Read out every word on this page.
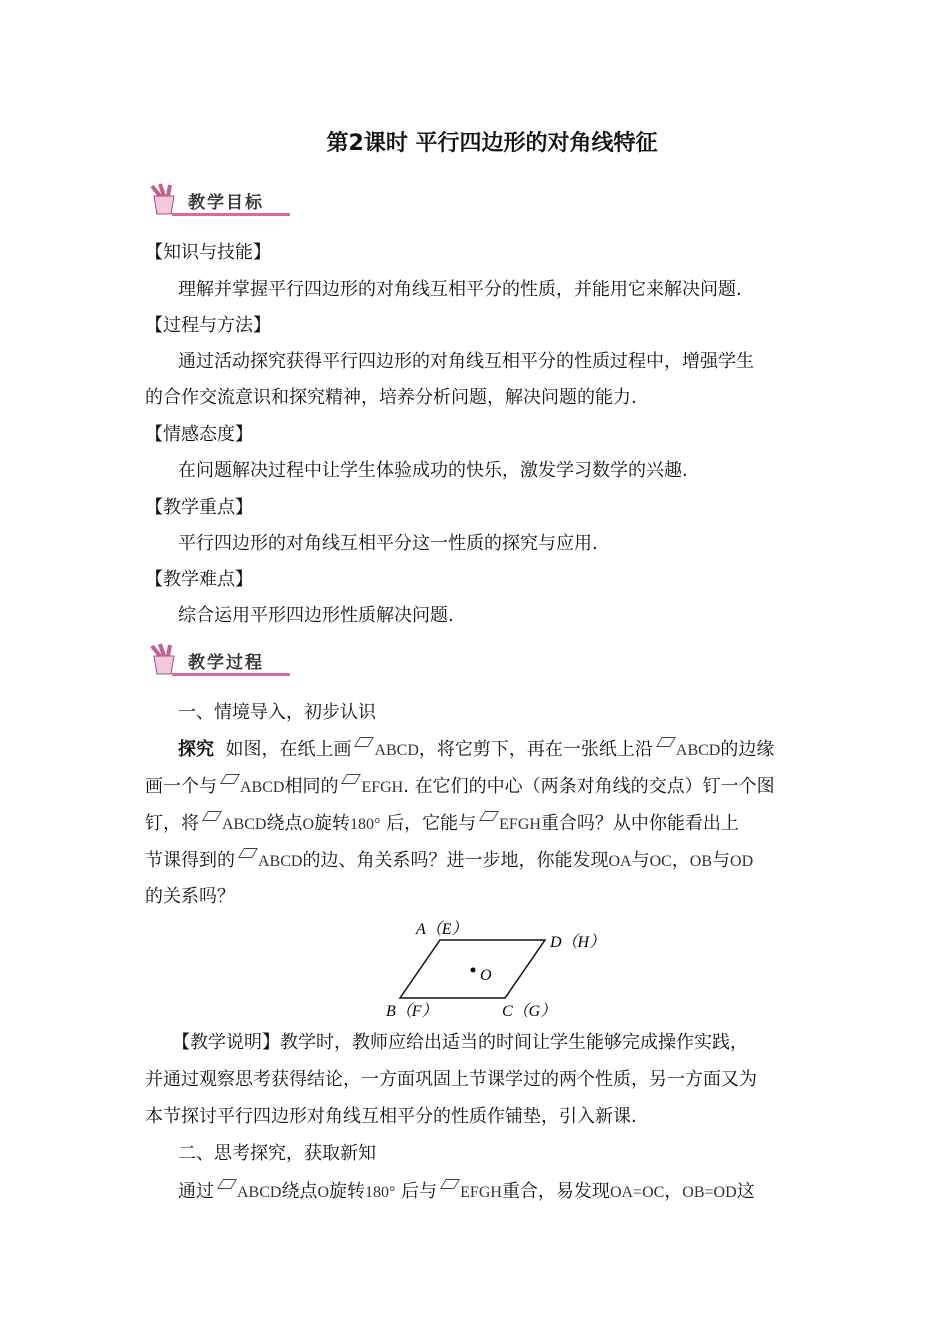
第2课时 平行四边形的对角线特征
教学目标
【知识与技能】
理解并掌握平行四边形的对角线互相平分的性质，并能用它来解决问题.
【过程与方法】
通过活动探究获得平行四边形的对角线互相平分的性质过程中，增强学生
的合作交流意识和探究精神，培养分析问题，解决问题的能力.
【情感态度】
在问题解决过程中让学生体验成功的快乐，激发学习数学的兴趣.
【教学重点】
平行四边形的对角线互相平分这一性质的探究与应用.
【教学难点】
综合运用平形四边形性质解决问题.
教学过程
一、情境导入，初步认识
探究 如图，在纸上画 ABCD，将它剪下，再在一张纸上沿 ABCD的边缘
画一个与 ABCD相同的 EFGH. 在它们的中心（两条对角线的交点）钉一个图
钉，将 ABCD绕点O旋转180° 后，它能与 EFGH重合吗？从中你能看出上
节课得到的 ABCD的边、角关系吗？进一步地，你能发现OA与OC，OB与OD
的关系吗？
A（E）
D（H）
O
B（F）	C（G）
【教学说明】教学时，教师应给出适当的时间让学生能够完成操作实践，
并通过观察思考获得结论，一方面巩固上节课学过的两个性质，另一方面又为
本节探讨平行四边形对角线互相平分的性质作铺垫，引入新课.
二、思考探究，获取新知
通过 ABCD绕点O旋转180° 后与 EFGH重合，易发现OA=OC，OB=OD这
